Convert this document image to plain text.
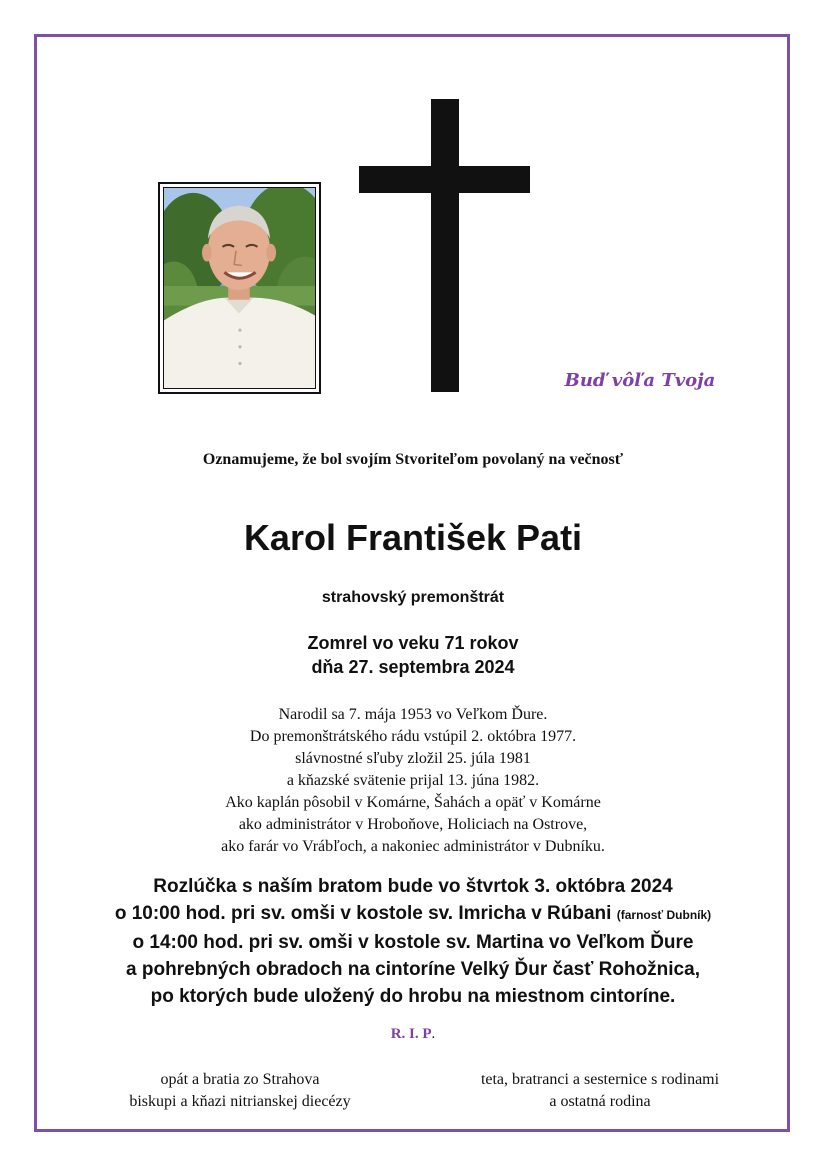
Buď vôľa Tvoja
Oznamujeme, že bol svojím Stvoriteľom povolaný na večnosť
Karol František Pati
strahovský premonštrát
Zomrel vo veku 71 rokov
dňa 27. septembra 2024
Narodil sa 7. mája 1953 vo Veľkom Ďure.
Do premonštrátského rádu vstúpil 2. októbra 1977.
slávnostné sľuby zložil 25. júla 1981
a kňazské svätenie prijal 13. júna 1982.
Ako kaplán pôsobil v Komárne, Šahách a opäť v Komárne
ako administrátor v Hroboňove, Holiciach na Ostrove,
ako farár vo Vrábľoch, a nakoniec administrátor v Dubníku.
Rozlúčka s naším bratom bude vo štvrtok 3. októbra 2024
o 10:00 hod. pri sv. omši v kostole sv. Imricha v Rúbani (farnosť Dubník)
o 14:00 hod. pri sv. omši v kostole sv. Martina vo Veľkom Ďure
a pohrebných obradoch na cintoríne Velký Ďur časť Rohožnica,
po ktorých bude uložený do hrobu na miestnom cintoríne.
R. I. P.
opát a bratia zo Strahova
biskupi a kňazi nitrianskej diecézy
teta, bratranci a sesternice s rodinami
a ostatná rodina
